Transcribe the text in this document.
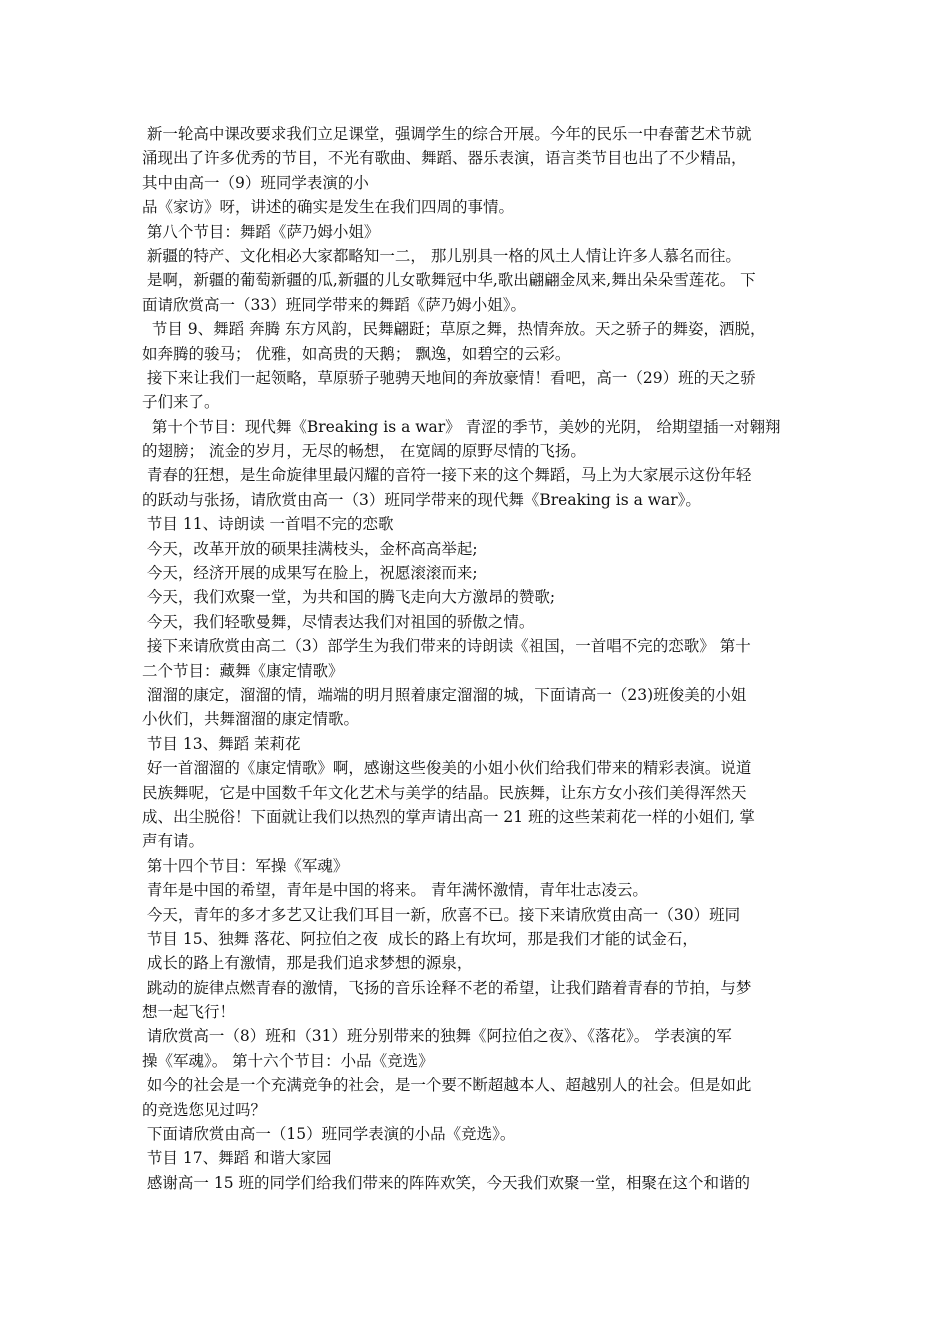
新一轮高中课改要求我们立足课堂，强调学生的综合开展。今年的民乐一中春蕾艺术节就
涌现出了许多优秀的节目，不光有歌曲、舞蹈、器乐表演，语言类节目也出了不少精品，
其中由高一（9）班同学表演的小
品《家访》呀，讲述的确实是发生在我们四周的事情。
第八个节目：舞蹈《萨乃姆小姐》
新疆的特产、文化相必大家都略知一二， 那儿别具一格的风土人情让许多人慕名而往。
是啊，新疆的葡萄新疆的瓜,新疆的儿女歌舞冠中华,歌出翩翩金凤来,舞出朵朵雪莲花。 下
面请欣赏高一（33）班同学带来的舞蹈《萨乃姆小姐》。
节目 9、舞蹈 奔腾 东方风韵，民舞翩跹；草原之舞，热情奔放。天之骄子的舞姿，洒脱，
如奔腾的骏马； 优雅，如高贵的天鹅； 飘逸，如碧空的云彩。
接下来让我们一起领略，草原骄子驰骋天地间的奔放豪情！看吧，高一（29）班的天之骄
子们来了。
第十个节目：现代舞《Breaking is a war》 青涩的季节，美妙的光阴， 给期望插一对翱翔
的翅膀； 流金的岁月，无尽的畅想， 在宽阔的原野尽情的飞扬。
青春的狂想，是生命旋律里最闪耀的音符一接下来的这个舞蹈，马上为大家展示这份年轻
的跃动与张扬，请欣赏由高一（3）班同学带来的现代舞《Breaking is a war》。
节目 11、诗朗读 一首唱不完的恋歌
今天，改革开放的硕果挂满枝头，金杯高高举起;
今天，经济开展的成果写在脸上，祝愿滚滚而来;
今天，我们欢聚一堂，为共和国的腾飞走向大方激昂的赞歌;
今天，我们轻歌曼舞，尽情表达我们对祖国的骄傲之情。
接下来请欣赏由高二（3）部学生为我们带来的诗朗读《祖国，一首唱不完的恋歌》 第十
二个节目：藏舞《康定情歌》
溜溜的康定，溜溜的情，端端的明月照着康定溜溜的城，下面请高一（23)班俊美的小姐
小伙们，共舞溜溜的康定情歌。
节目 13、舞蹈 茉莉花
好一首溜溜的《康定情歌》啊，感谢这些俊美的小姐小伙们给我们带来的精彩表演。说道
民族舞呢，它是中国数千年文化艺术与美学的结晶。民族舞，让东方女小孩们美得浑然天
成、出尘脱俗！下面就让我们以热烈的掌声请出高一 21 班的这些茉莉花一样的小姐们, 掌
声有请。
第十四个节目：军操《军魂》
青年是中国的希望，青年是中国的将来。 青年满怀激情，青年壮志凌云。
今天，青年的多才多艺又让我们耳目一新，欣喜不已。接下来请欣赏由高一（30）班同
节目 15、独舞 落花、阿拉伯之夜  成长的路上有坎坷，那是我们才能的试金石，
成长的路上有激情，那是我们追求梦想的源泉，
跳动的旋律点燃青春的激情，飞扬的音乐诠释不老的希望，让我们踏着青春的节拍，与梦
想一起飞行！
请欣赏高一（8）班和（31）班分别带来的独舞《阿拉伯之夜》、《落花》。 学表演的军
操《军魂》。 第十六个节目：小品《竞选》
如今的社会是一个充满竞争的社会，是一个要不断超越本人、超越别人的社会。但是如此
的竞选您见过吗？
下面请欣赏由高一（15）班同学表演的小品《竞选》。
节目 17、舞蹈 和谐大家园
感谢高一 15 班的同学们给我们带来的阵阵欢笑，今天我们欢聚一堂，相聚在这个和谐的
